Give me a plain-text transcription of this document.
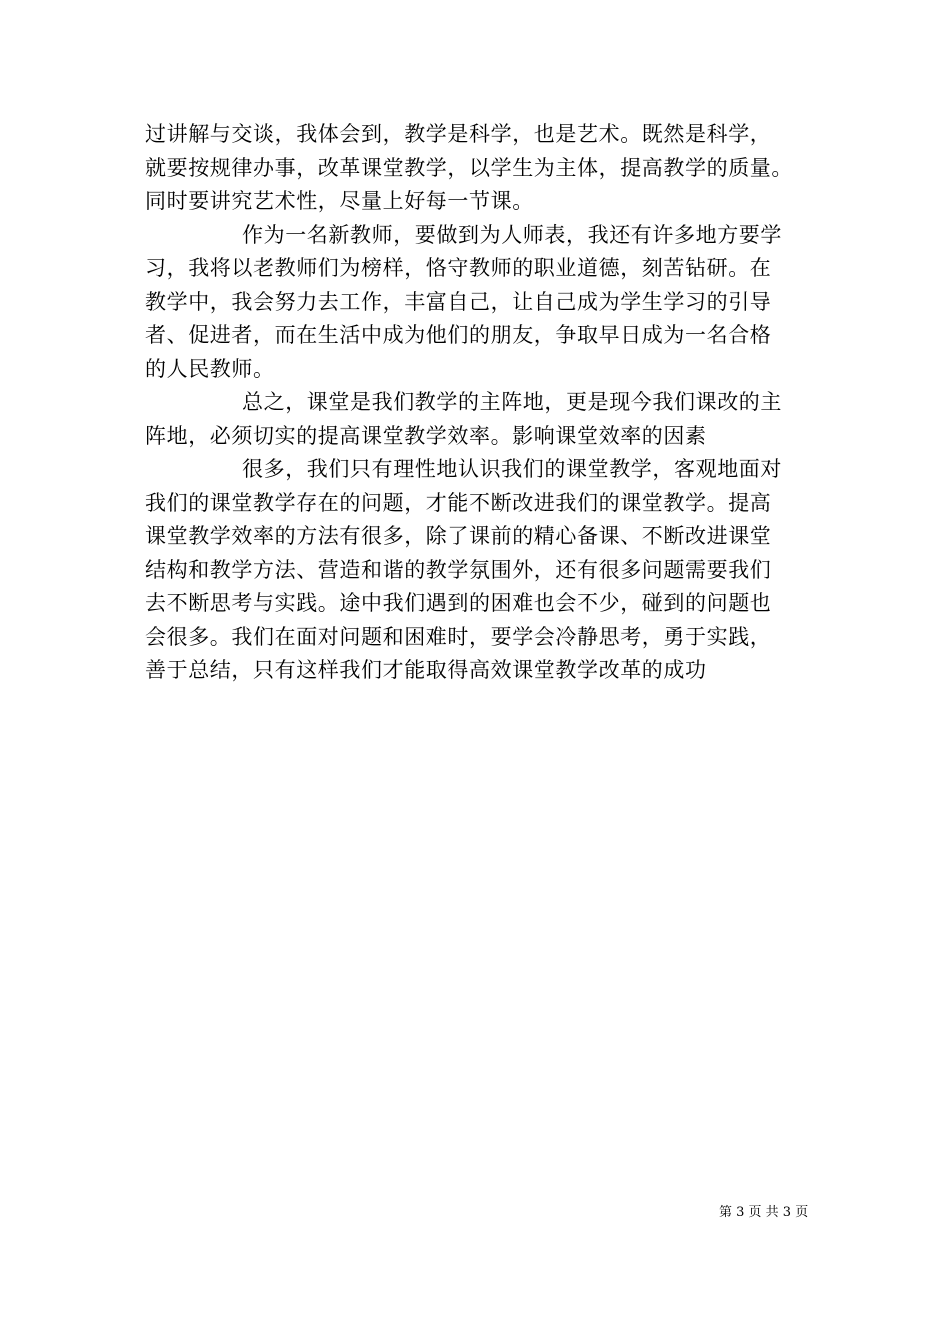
过讲解与交谈，我体会到，教学是科学，也是艺术。既然是科学，
就要按规律办事，改革课堂教学，以学生为主体，提高教学的质量。
同时要讲究艺术性，尽量上好每一节课。
作为一名新教师，要做到为人师表，我还有许多地方要学
习，我将以老教师们为榜样，恪守教师的职业道德，刻苦钻研。在
教学中，我会努力去工作，丰富自己，让自己成为学生学习的引导
者、促进者，而在生活中成为他们的朋友，争取早日成为一名合格
的人民教师。
总之，课堂是我们教学的主阵地，更是现今我们课改的主
阵地，必须切实的提高课堂教学效率。影响课堂效率的因素
很多，我们只有理性地认识我们的课堂教学，客观地面对
我们的课堂教学存在的问题，才能不断改进我们的课堂教学。提高
课堂教学效率的方法有很多，除了课前的精心备课、不断改进课堂
结构和教学方法、营造和谐的教学氛围外，还有很多问题需要我们
去不断思考与实践。途中我们遇到的困难也会不少，碰到的问题也
会很多。我们在面对问题和困难时，要学会冷静思考，勇于实践，
善于总结，只有这样我们才能取得高效课堂教学改革的成功
第 3 页 共 3 页
